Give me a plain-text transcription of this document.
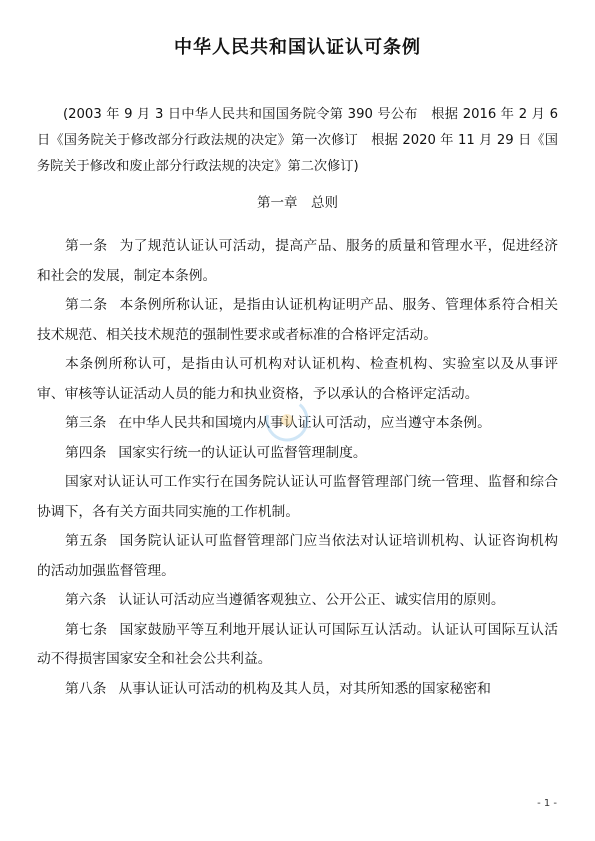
中华人民共和国认证认可条例

(2003 年 9 月 3 日中华人民共和国国务院令第 390 号公布　根据 2016 年 2 月 6 日《国务院关于修改部分行政法规的决定》第一次修订　根据 2020 年 11 月 29 日《国务院关于修改和废止部分行政法规的决定》第二次修订)

第一章　总则

第一条 为了规范认证认可活动，提高产品、服务的质量和管理水平，促进经济和社会的发展，制定本条例。

第二条 本条例所称认证，是指由认证机构证明产品、服务、管理体系符合相关技术规范、相关技术规范的强制性要求或者标准的合格评定活动。

本条例所称认可，是指由认可机构对认证机构、检查机构、实验室以及从事评审、审核等认证活动人员的能力和执业资格，予以承认的合格评定活动。

第三条 在中华人民共和国境内从事认证认可活动，应当遵守本条例。

第四条 国家实行统一的认证认可监督管理制度。

国家对认证认可工作实行在国务院认证认可监督管理部门统一管理、监督和综合协调下，各有关方面共同实施的工作机制。

第五条 国务院认证认可监督管理部门应当依法对认证培训机构、认证咨询机构的活动加强监督管理。

第六条 认证认可活动应当遵循客观独立、公开公正、诚实信用的原则。

第七条 国家鼓励平等互利地开展认证认可国际互认活动。认证认可国际互认活动不得损害国家安全和社会公共利益。

第八条 从事认证认可活动的机构及其人员，对其所知悉的国家秘密和

- 1 -
